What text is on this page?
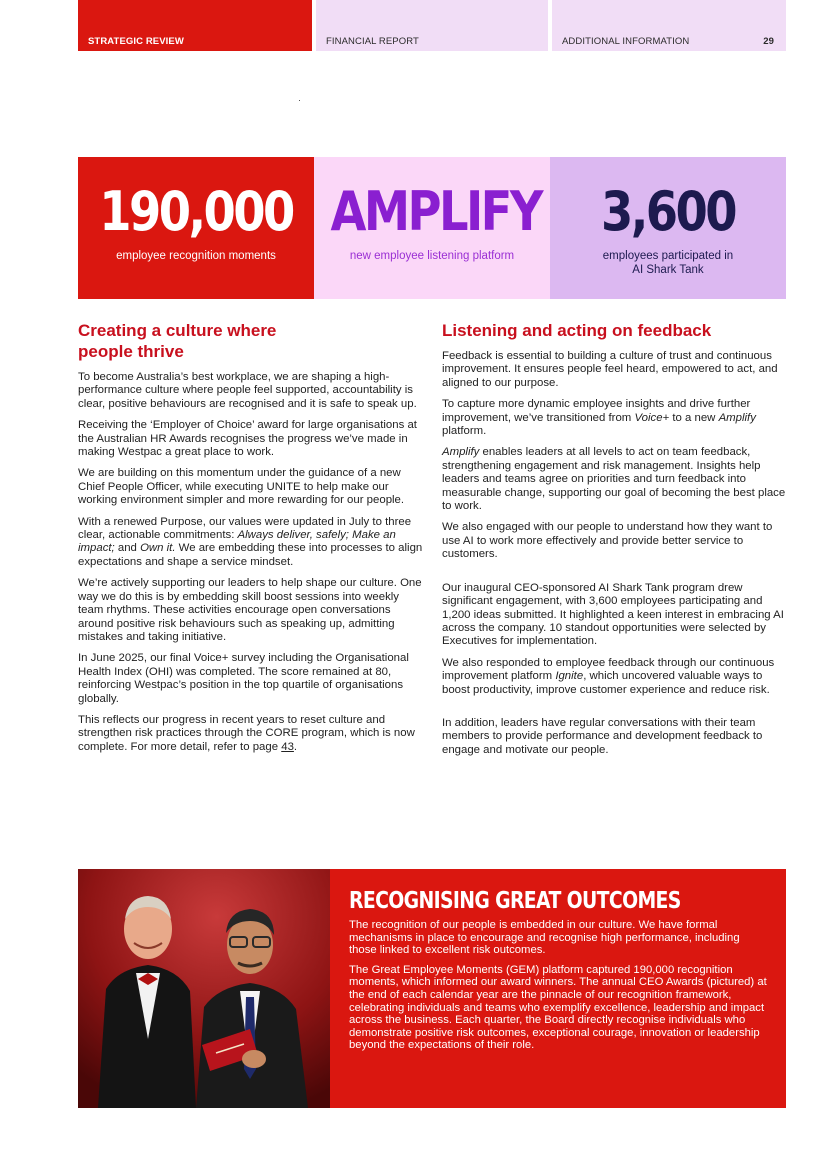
STRATEGIC REVIEW	FINANCIAL REPORT	ADDITIONAL INFORMATION	29
190,000
employee recognition moments
AMPLIFY
new employee listening platform
3,600
employees participated in
AI Shark Tank
Creating a culture where
people thrive

To become Australia’s best workplace, we are shaping a high-performance culture where people feel supported, accountability is clear, positive behaviours are recognised and it is safe to speak up.

Receiving the ‘Employer of Choice’ award for large organisations at the Australian HR Awards recognises the progress we’ve made in making Westpac a great place to work.

We are building on this momentum under the guidance of a new Chief People Officer, while executing UNITE to help make our working environment simpler and more rewarding for our people.

With a renewed Purpose, our values were updated in July to three clear, actionable commitments: Always deliver, safely; Make an impact; and Own it. We are embedding these into processes to align expectations and shape a service mindset.

We’re actively supporting our leaders to help shape our culture. One way we do this is by embedding skill boost sessions into weekly team rhythms. These activities encourage open conversations around positive risk behaviours such as speaking up, admitting mistakes and taking initiative.

In June 2025, our final Voice+ survey including the Organisational Health Index (OHI) was completed. The score remained at 80, reinforcing Westpac’s position in the top quartile of organisations globally.

This reflects our progress in recent years to reset culture and strengthen risk practices through the CORE program, which is now complete. For more detail, refer to page 43.

Listening and acting on feedback

Feedback is essential to building a culture of trust and continuous improvement. It ensures people feel heard, empowered to act, and aligned to our purpose.

To capture more dynamic employee insights and drive further improvement, we’ve transitioned from Voice+ to a new Amplify platform.

Amplify enables leaders at all levels to act on team feedback, strengthening engagement and risk management. Insights help leaders and teams agree on priorities and turn feedback into measurable change, supporting our goal of becoming the best place to work.

We also engaged with our people to understand how they want to use AI to work more effectively and provide better service to customers.

Our inaugural CEO-sponsored AI Shark Tank program drew significant engagement, with 3,600 employees participating and 1,200 ideas submitted. It highlighted a keen interest in embracing AI across the company. 10 standout opportunities were selected by Executives for implementation.

We also responded to employee feedback through our continuous improvement platform Ignite, which uncovered valuable ways to boost productivity, improve customer experience and reduce risk.

In addition, leaders have regular conversations with their team members to provide performance and development feedback to engage and motivate our people.

RECOGNISING GREAT OUTCOMES

The recognition of our people is embedded in our culture. We have formal mechanisms in place to encourage and recognise high performance, including those linked to excellent risk outcomes.

The Great Employee Moments (GEM) platform captured 190,000 recognition moments, which informed our award winners. The annual CEO Awards (pictured) at the end of each calendar year are the pinnacle of our recognition framework, celebrating individuals and teams who exemplify excellence, leadership and impact across the business. Each quarter, the Board directly recognise individuals who demonstrate positive risk outcomes, exceptional courage, innovation or leadership beyond the expectations of their role.
